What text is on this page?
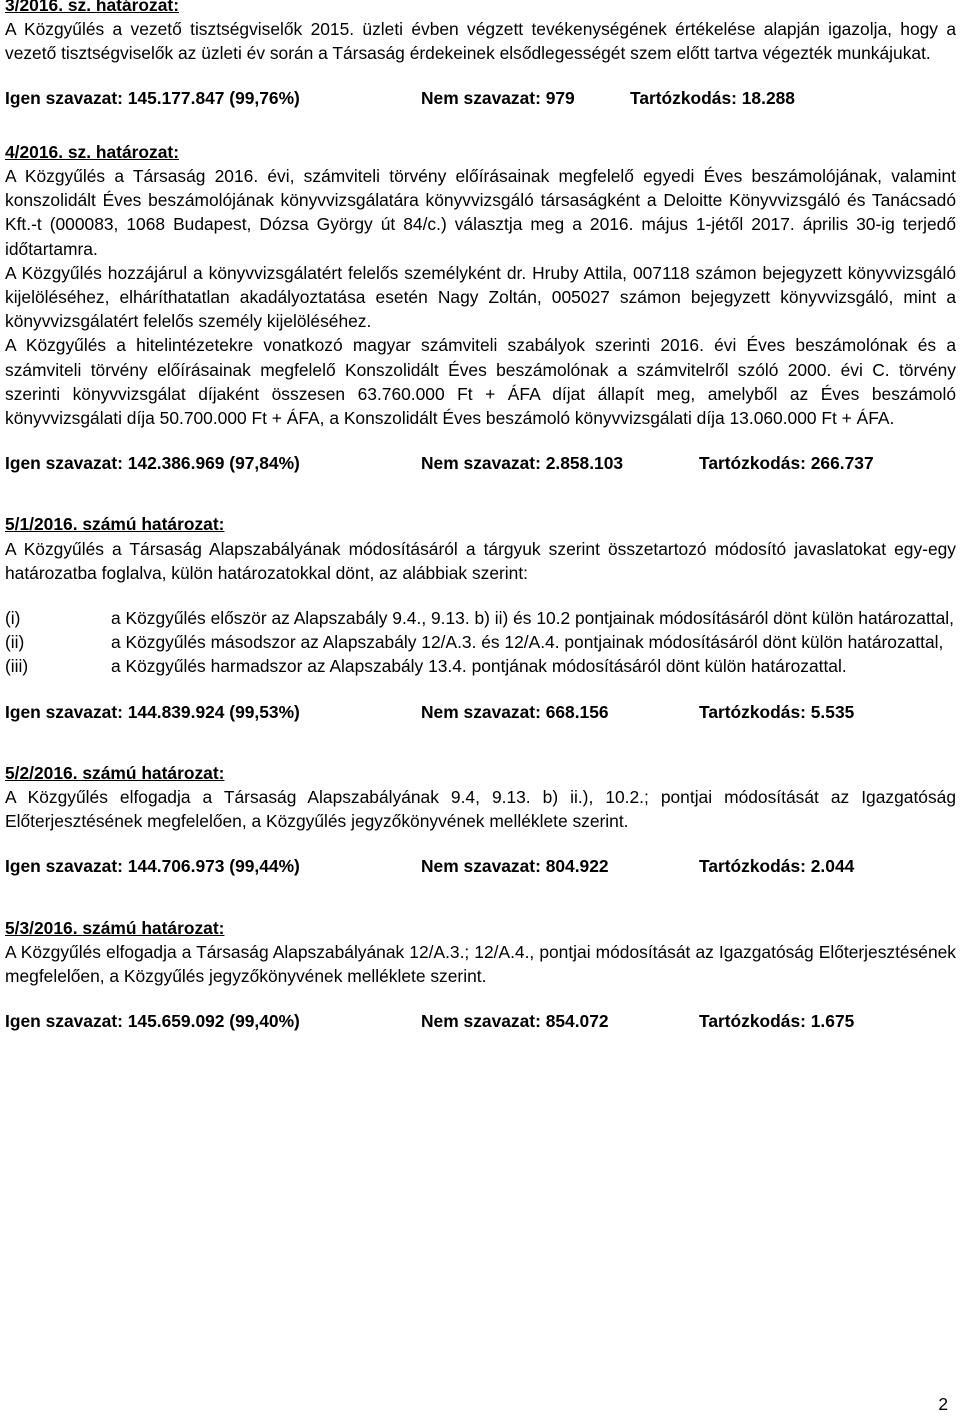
3/2016. sz. határozat:

A Közgyűlés a vezető tisztségviselők 2015. üzleti évben végzett tevékenységének értékelése alapján igazolja, hogy a vezető tisztségviselők az üzleti év során a Társaság érdekeinek elsődlegességét szem előtt tartva végezték munkájukat.

Igen szavazat: 145.177.847 (99,76%)	Nem szavazat: 979	Tartózkodás: 18.288

4/2016. sz. határozat:

A Közgyűlés a Társaság 2016. évi, számviteli törvény előírásainak megfelelő egyedi Éves beszámolójának, valamint konszolidált Éves beszámolójának könyvvizsgálatára könyvvizsgáló társaságként a Deloitte Könyvvizsgáló és Tanácsadó Kft.-t (000083, 1068 Budapest, Dózsa György út 84/c.) választja meg a 2016. május 1-jétől 2017. április 30-ig terjedő időtartamra.

A Közgyűlés hozzájárul a könyvvizsgálatért felelős személyként dr. Hruby Attila, 007118 számon bejegyzett könyvvizsgáló kijelöléséhez, elháríthatatlan akadályoztatása esetén Nagy Zoltán, 005027 számon bejegyzett könyvvizsgáló, mint a könyvvizsgálatért felelős személy kijelöléséhez.

A Közgyűlés a hitelintézetekre vonatkozó magyar számviteli szabályok szerinti 2016. évi Éves beszámolónak és a számviteli törvény előírásainak megfelelő Konszolidált Éves beszámolónak a számvitelről szóló 2000. évi C. törvény szerinti könyvvizsgálat díjaként összesen 63.760.000 Ft + ÁFA díjat állapít meg, amelyből az Éves beszámoló könyvvizsgálati díja 50.700.000 Ft + ÁFA, a Konszolidált Éves beszámoló könyvvizsgálati díja 13.060.000 Ft + ÁFA.

Igen szavazat: 142.386.969 (97,84%)	Nem szavazat: 2.858.103	Tartózkodás: 266.737

5/1/2016. számú határozat:

A Közgyűlés a Társaság Alapszabályának módosításáról a tárgyuk szerint összetartozó módosító javaslatokat egy-egy határozatba foglalva, külön határozatokkal dönt, az alábbiak szerint:

(i)	a Közgyűlés először az Alapszabály 9.4., 9.13. b) ii) és 10.2 pontjainak módosításáról dönt külön határozattal,
(ii)	a Közgyűlés másodszor az Alapszabály 12/A.3. és 12/A.4. pontjainak módosításáról dönt külön határozattal,
(iii)	a Közgyűlés harmadszor az Alapszabály 13.4. pontjának módosításáról dönt külön határozattal.

Igen szavazat: 144.839.924 (99,53%)	Nem szavazat: 668.156	Tartózkodás: 5.535

5/2/2016. számú határozat:

A Közgyűlés elfogadja a Társaság Alapszabályának 9.4, 9.13. b) ii.), 10.2.; pontjai módosítását az Igazgatóság Előterjesztésének megfelelően, a Közgyűlés jegyzőkönyvének melléklete szerint.

Igen szavazat: 144.706.973 (99,44%)	Nem szavazat: 804.922	Tartózkodás: 2.044

5/3/2016. számú határozat:

A Közgyűlés elfogadja a Társaság Alapszabályának 12/A.3.; 12/A.4., pontjai módosítását az Igazgatóság Előterjesztésének megfelelően, a Közgyűlés jegyzőkönyvének melléklete szerint.

Igen szavazat: 145.659.092 (99,40%)	Nem szavazat: 854.072	Tartózkodás: 1.675

2
